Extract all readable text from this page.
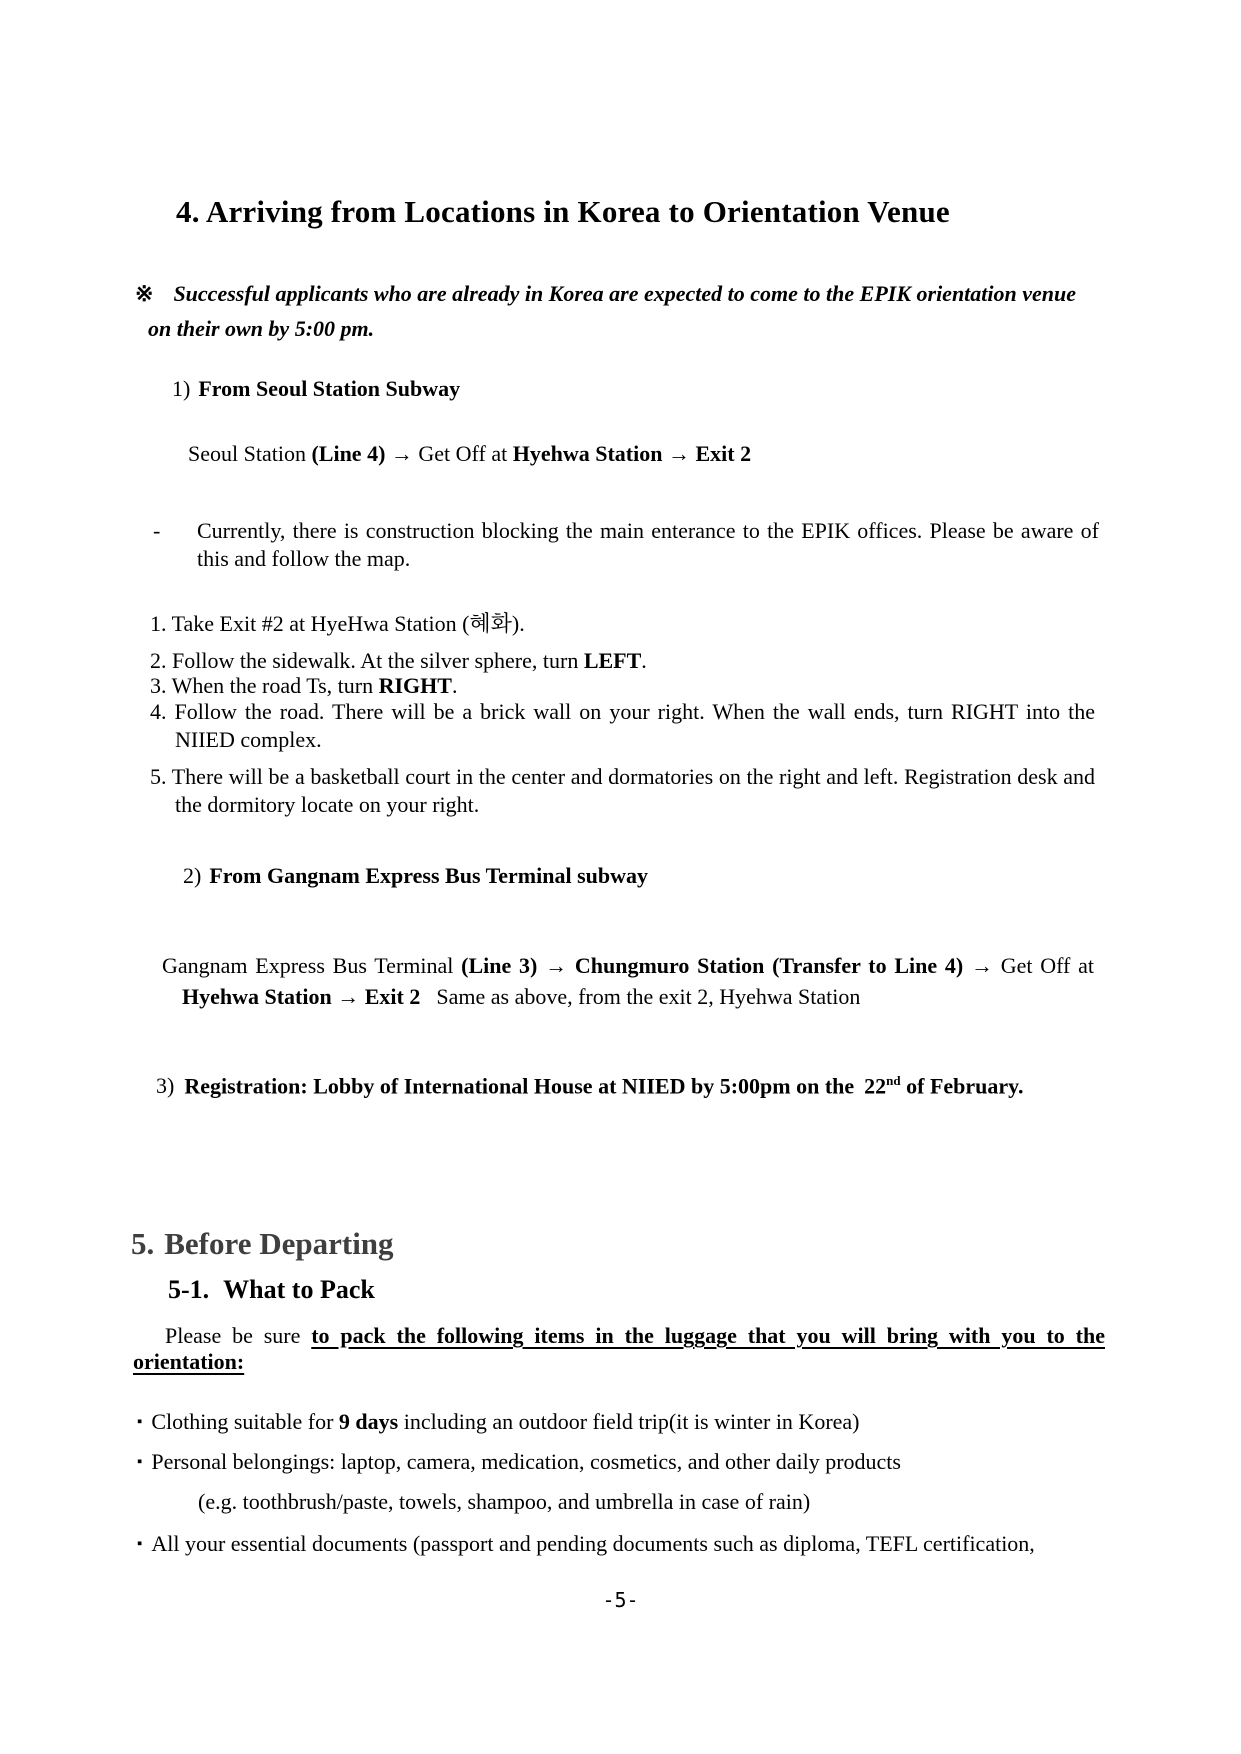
4. Arriving from Locations in Korea to Orientation Venue
※ Successful applicants who are already in Korea are expected to come to the EPIK orientation venue on their own by 5:00 pm.
1) From Seoul Station Subway
Seoul Station (Line 4) → Get Off at Hyehwa Station → Exit 2
- Currently, there is construction blocking the main enterance to the EPIK offices. Please be aware of this and follow the map.
1. Take Exit #2 at HyeHwa Station (혜화).
2. Follow the sidewalk. At the silver sphere, turn LEFT.
3. When the road Ts, turn RIGHT.
4. Follow the road. There will be a brick wall on your right. When the wall ends, turn RIGHT into the NIIED complex.
5. There will be a basketball court in the center and dormatories on the right and left. Registration desk and the dormitory locate on your right.
2) From Gangnam Express Bus Terminal subway
Gangnam Express Bus Terminal (Line 3) → Chungmuro Station (Transfer to Line 4) → Get Off at Hyehwa Station → Exit 2 Same as above, from the exit 2, Hyehwa Station
3) Registration: Lobby of International House at NIIED by 5:00pm on the 22nd of February.
5. Before Departing
5-1. What to Pack
Please be sure to pack the following items in the luggage that you will bring with you to the orientation:
▪ Clothing suitable for 9 days including an outdoor field trip(it is winter in Korea)
▪ Personal belongings: laptop, camera, medication, cosmetics, and other daily products
(e.g. toothbrush/paste, towels, shampoo, and umbrella in case of rain)
▪ All your essential documents (passport and pending documents such as diploma, TEFL certification,
-5-
